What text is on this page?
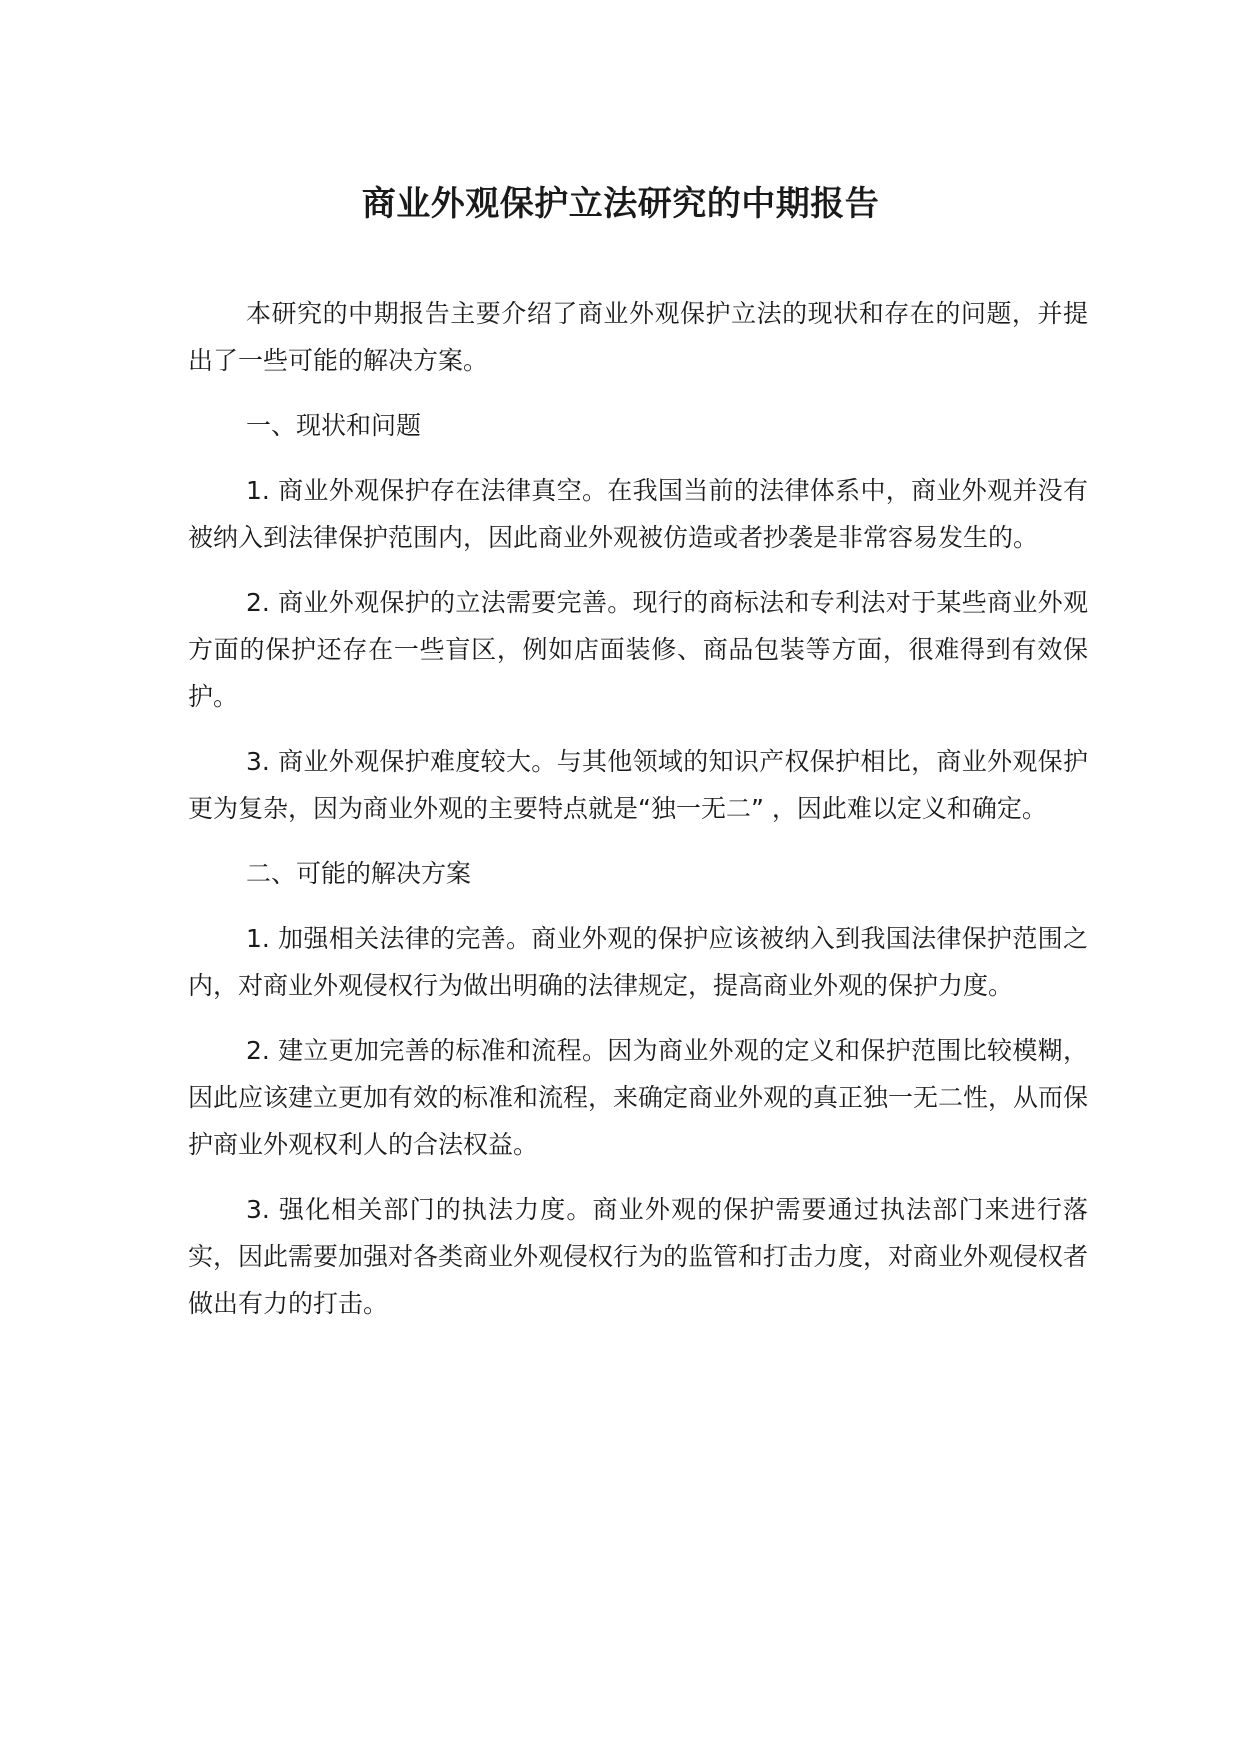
商业外观保护立法研究的中期报告

本研究的中期报告主要介绍了商业外观保护立法的现状和存在的问题，并提出了一些可能的解决方案。

一、现状和问题

1. 商业外观保护存在法律真空。在我国当前的法律体系中，商业外观并没有被纳入到法律保护范围内，因此商业外观被仿造或者抄袭是非常容易发生的。

2. 商业外观保护的立法需要完善。现行的商标法和专利法对于某些商业外观方面的保护还存在一些盲区，例如店面装修、商品包装等方面，很难得到有效保护。

3. 商业外观保护难度较大。与其他领域的知识产权保护相比，商业外观保护更为复杂，因为商业外观的主要特点就是“独一无二” ，因此难以定义和确定。

二、可能的解决方案

1. 加强相关法律的完善。商业外观的保护应该被纳入到我国法律保护范围之内，对商业外观侵权行为做出明确的法律规定，提高商业外观的保护力度。

2. 建立更加完善的标准和流程。因为商业外观的定义和保护范围比较模糊，因此应该建立更加有效的标准和流程，来确定商业外观的真正独一无二性，从而保护商业外观权利人的合法权益。

3. 强化相关部门的执法力度。商业外观的保护需要通过执法部门来进行落实，因此需要加强对各类商业外观侵权行为的监管和打击力度，对商业外观侵权者做出有力的打击。
